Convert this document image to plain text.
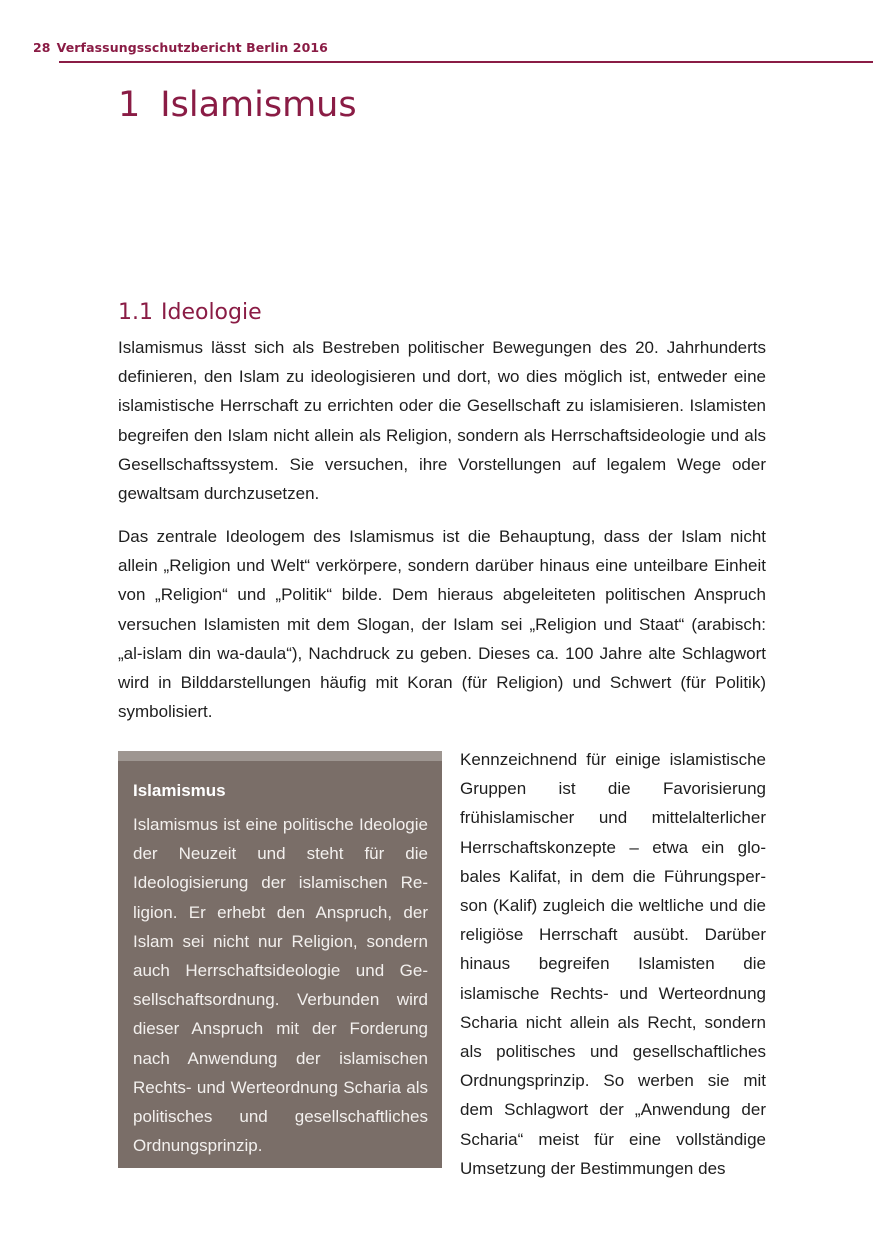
28 Verfassungsschutzbericht Berlin 2016
1 Islamismus
1.1 Ideologie

Islamismus lässt sich als Bestreben politischer Bewegungen des 20. Jahrhunderts definieren, den Islam zu ideologisieren und dort, wo dies möglich ist, entweder eine islamistische Herrschaft zu errichten oder die Gesellschaft zu islamisieren. Islamisten begreifen den Islam nicht allein als Religion, sondern als Herrschaftsideologie und als Gesellschaftssystem. Sie versuchen, ihre Vorstellungen auf legalem Wege oder gewaltsam durchzusetzen.

Das zentrale Ideologem des Islamismus ist die Behauptung, dass der Islam nicht allein „Religion und Welt“ verkörpere, sondern darüber hinaus eine unteilbare Einheit von „Religion“ und „Politik“ bilde. Dem hieraus abgeleiteten politischen Anspruch versuchen Islamisten mit dem Slogan, der Islam sei „Religion und Staat“ (arabisch: „al-islam din wa-daula“), Nachdruck zu geben. Dieses ca. 100 Jahre alte Schlagwort wird in Bilddarstellungen häufig mit Koran (für Religion) und Schwert (für Politik) symbolisiert.

Islamismus

Islamismus ist eine politische Ideologie der Neuzeit und steht für die Ideologisierung der islamischen Religion. Er erhebt den Anspruch, der Islam sei nicht nur Religion, sondern auch Herrschaftsideologie und Gesellschaftsordnung. Verbunden wird dieser Anspruch mit der Forderung nach Anwendung der islamischen Rechts- und Werteordnung Scharia als politisches und gesellschaftliches Ordnungsprinzip.

Kennzeichnend für einige islamistische Gruppen ist die Favorisierung frühislamischer und mittelalterlicher Herrschaftskonzepte – etwa ein globales Kalifat, in dem die Führungsperson (Kalif) zugleich die weltliche und die religiöse Herrschaft ausübt. Darüber hinaus begreifen Islamisten die islamische Rechts- und Werteordnung Scharia nicht allein als Recht, sondern als politisches und gesellschaftliches Ordnungsprinzip. So werben sie mit dem Schlagwort der „Anwendung der Scharia“ meist für eine vollständige Umsetzung der Bestimmungen des
